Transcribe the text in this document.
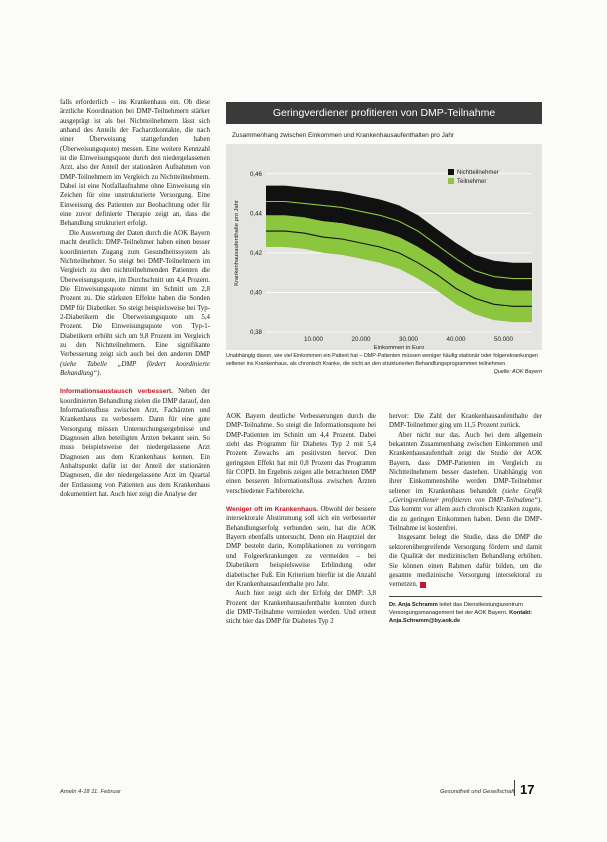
falls erforderlich – ins Krankenhaus ein. Ob diese ärztliche Koordination bei DMP-Teilnehmern stärker ausgeprägt ist als bei Nichtteilnehmern lässt sich anhand des Anteils der Facharztkontakte, die nach einer Überweisung stattgefunden haben (Überweisungsquote) messen. Eine weitere Kennzahl ist die Einweisungsquote durch den niedergelassenen Arzt, also der Anteil der stationären Aufnahmen von DMP-Teilnehmern im Vergleich zu Nichtteilnehmern. Dabei ist eine Notfallaufnahme ohne Einweisung ein Zeichen für eine unstrukturierte Versorgung. Eine Einweisung des Patienten zur Beobachtung oder für eine zuvor definierte Therapie zeigt an, dass die Behandlung strukturiert erfolgt.

Die Auswertung der Daten durch die AOK Bayern macht deutlich: DMP-Teilnehmer haben einen besser koordinierten Zugang zum Gesundheitssystem als Nichtteilnehmer. So steigt bei DMP-Teilnehmern im Vergleich zu den nichtteilnehmenden Patienten die Überweisungsquote, im Durchschnitt um 4,4 Prozent. Die Einweisungsquote nimmt im Schnitt um 2,8 Prozent zu. Die stärksten Effekte haben die Sonden DMP für Diabetiker. So steigt beispielsweise bei Typ-2-Diabetikern die Überweisungsquote um 5,4 Prozent. Die Einweisungsquote von Typ-1-Diabetikern erhöht sich um 9,8 Prozent im Vergleich zu den Nichtteilnehmern. Eine signifikante Verbesserung zeigt sich auch bei den anderen DMP (siehe Tabelle „DMP fördert koordinierte Behandlung“).

Informationsaustausch verbessert. Neben der koordinierten Behandlung zielen die DMP darauf, den Informationsfluss zwischen Arzt, Fachärzten und Krankenhaus zu verbessern. Dann für eine gute Versorgung müssen Untersuchungsergebnisse und Diagnosen allen beteiligten Ärzten bekannt sein. So muss beispielsweise der niedergelassene Arzt Diagnosen aus dem Krankenhaus kennen. Ein Anhaltspunkt dafür ist der Anteil der stationären Diagnosen, die der niedergelassene Arzt im Quartal der Entlassung von Patienten aus dem Krankenhaus dokumentiert hat. Auch hier zeigt die Analyse der

Geringverdiener profitieren von DMP-Teilnahme
Zusammenhang zwischen Einkommen und Krankenhausaufenthalten pro Jahr
0,38
0,40
0,42
0,44
0,46
10.000	20.000	30.000	40.000	50.000
Einkommen in Euro
Krankenhausaufenthalte pro Jahr
Nichtteilnehmer
Teilnehmer
Unabhängig davon, wie viel Einkommen ein Patient hat – DMP-Patienten müssen weniger häufig stationär oder folgerekrankungen seltener ins Krankenhaus, als chronisch Kranke, die nicht an den strukturierten Behandlungsprogrammen teilnehmen.
Quelle: AOK Bayern

AOK Bayern deutliche Verbesserungen durch die DMP-Teilnahme. So steigt die Informationsquote bei DMP-Patienten im Schnitt um 4,4 Prozent. Dabei zieht das Programm für Diabetes Typ 2 mit 5,4 Prozent Zuwachs am positivsten hervor. Den geringsten Effekt hat mit 0,8 Prozent das Programm für COPD. Im Ergebnis zeigen alle betrachteten DMP einen besseren Informationsfluss zwischen Ärzten verschiedener Fachbereiche.

Weniger oft im Krankenhaus. Obwohl der bessere intersektorale Abstimmung soll sich ein verbesserter Behandlungserfolg verbunden sein, hat die AOK Bayern ebenfalls untersucht. Denn ein Hauptziel der DMP besteht darin, Komplikationen zu verringern und Folgeerkrankungen zu vermeiden – bei Diabetikern beispielsweise Erblindung oder diabetischer Fuß. Ein Kriterium hierfür ist die Anzahl der Krankenhausaufenthalte pro Jahr.

Auch hier zeigt sich der Erfolg der DMP: 3,8 Prozent der Krankenhausaufenthalte konnten durch die DMP-Teilnahme vermieden werden. Und erneut sticht hier das DMP für Diabetes Typ 2

hervor: Die Zahl der Krankenhausaufenthalte der DMP-Teilnehmer ging um 11,5 Prozent zurück.

Aber nicht nur das. Auch bei dem allgemein bekannten Zusammenhang zwischen Einkommen und Krankenhausaufenthalt zeigt die Studie der AOK Bayern, dass DMP-Patienten im Vergleich zu Nichtteilnehmern besser dastehen. Unabhängig von ihrer Einkommenshöhe werden DMP-Teilnehmer seltener im Krankenhaus behandelt (siehe Grafik „Geringverdiener profitieren von DMP-Teilnahme“). Das kommt vor allem auch chronisch Kranken zugute, die zu geringen Einkommen haben. Denn die DMP-Teilnahme ist kostenfrei.

Insgesamt belegt die Studie, dass die DMP die sektorenübergreifende Versorgung fördern und damit die Qualität der medizinischen Behandlung erhöhen. Sie können einen Rahmen dafür bilden, um die gesamte medizinische Versorgung intersektoral zu vernetzen.

Dr. Anja Schramm leitet das Dienstleistungszentrum Versorgungsmanagement bei der AOK Bayern. Kontakt: Anja.Schramm@by.aok.de
Ameln 4-18 11. Februar	Gesundheit und Gesellschaft 17
